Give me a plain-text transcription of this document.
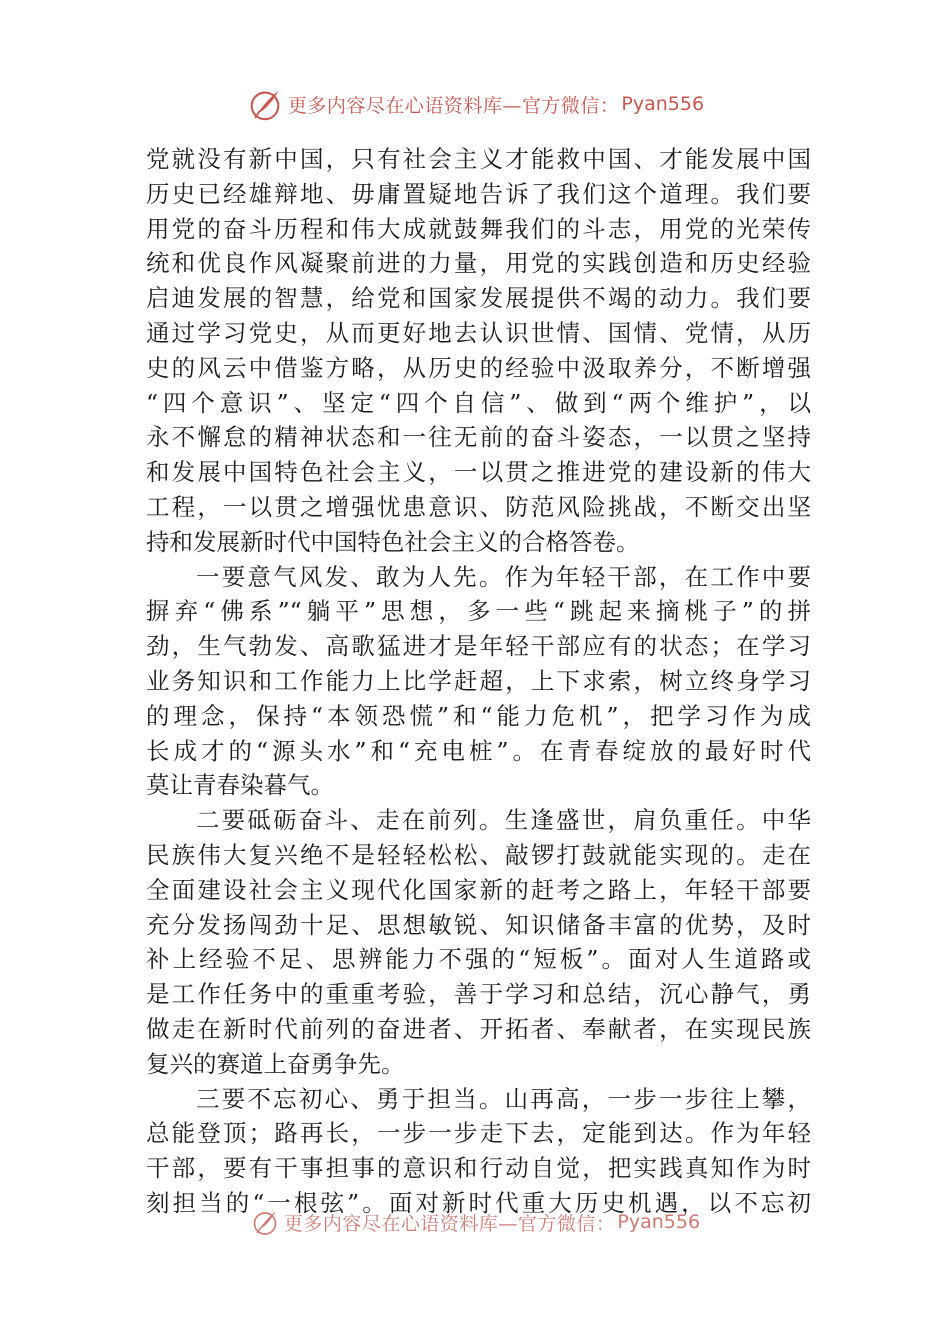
更多内容尽在心语资料库—官方微信： Pyan556
党就没有新中国，只有社会主义才能救中国、才能发展中国
历史已经雄辩地、毋庸置疑地告诉了我们这个道理。我们要
用党的奋斗历程和伟大成就鼓舞我们的斗志，用党的光荣传
统和优良作风凝聚前进的力量，用党的实践创造和历史经验
启迪发展的智慧，给党和国家发展提供不竭的动力。我们要
通过学习党史，从而更好地去认识世情、国情、党情，从历
史的风云中借鉴方略，从历史的经验中汲取养分，不断增强
“四个意识”、坚定“四个自信”、做到“两个维护”，以
永不懈怠的精神状态和一往无前的奋斗姿态，一以贯之坚持
和发展中国特色社会主义，一以贯之推进党的建设新的伟大
工程，一以贯之增强忧患意识、防范风险挑战，不断交出坚
持和发展新时代中国特色社会主义的合格答卷。
一要意气风发、敢为人先。作为年轻干部，在工作中要
摒弃“佛系”“躺平”思想，多一些“跳起来摘桃子”的拼
劲，生气勃发、高歌猛进才是年轻干部应有的状态；在学习
业务知识和工作能力上比学赶超，上下求索，树立终身学习
的理念，保持“本领恐慌”和“能力危机”，把学习作为成
长成才的“源头水”和“充电桩”。在青春绽放的最好时代
莫让青春染暮气。
二要砥砺奋斗、走在前列。生逢盛世，肩负重任。中华
民族伟大复兴绝不是轻轻松松、敲锣打鼓就能实现的。走在
全面建设社会主义现代化国家新的赶考之路上，年轻干部要
充分发扬闯劲十足、思想敏锐、知识储备丰富的优势，及时
补上经验不足、思辨能力不强的“短板”。面对人生道路或
是工作任务中的重重考验，善于学习和总结，沉心静气，勇
做走在新时代前列的奋进者、开拓者、奉献者，在实现民族
复兴的赛道上奋勇争先。
三要不忘初心、勇于担当。山再高，一步一步往上攀，
总能登顶；路再长，一步一步走下去，定能到达。作为年轻
干部，要有干事担事的意识和行动自觉，把实践真知作为时
刻担当的“一根弦”。面对新时代重大历史机遇，以不忘初
更多内容尽在心语资料库—官方微信： Pyan556
